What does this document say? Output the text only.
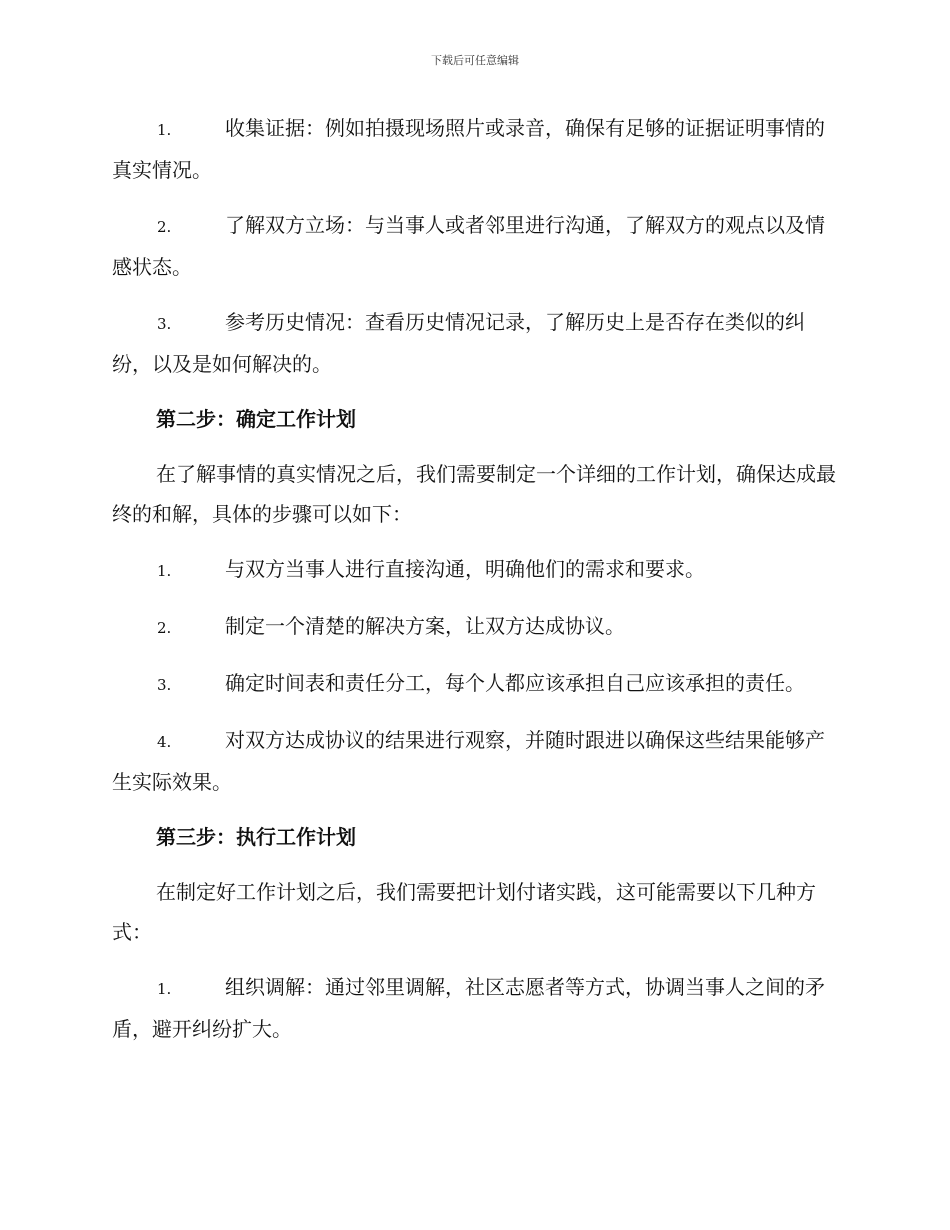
下载后可任意编辑
1.	收集证据：例如拍摄现场照片或录音，确保有足够的证据证明事情的真实情况。
2.	了解双方立场：与当事人或者邻里进行沟通，了解双方的观点以及情感状态。
3.	参考历史情况：查看历史情况记录，了解历史上是否存在类似的纠纷，以及是如何解决的。
第二步：确定工作计划
在了解事情的真实情况之后，我们需要制定一个详细的工作计划，确保达成最终的和解，具体的步骤可以如下：
1.	与双方当事人进行直接沟通，明确他们的需求和要求。
2.	制定一个清楚的解决方案，让双方达成协议。
3.	确定时间表和责任分工，每个人都应该承担自己应该承担的责任。
4.	对双方达成协议的结果进行观察，并随时跟进以确保这些结果能够产生实际效果。
第三步：执行工作计划
在制定好工作计划之后，我们需要把计划付诸实践，这可能需要以下几种方式：
1.	组织调解：通过邻里调解，社区志愿者等方式，协调当事人之间的矛盾，避开纠纷扩大。
